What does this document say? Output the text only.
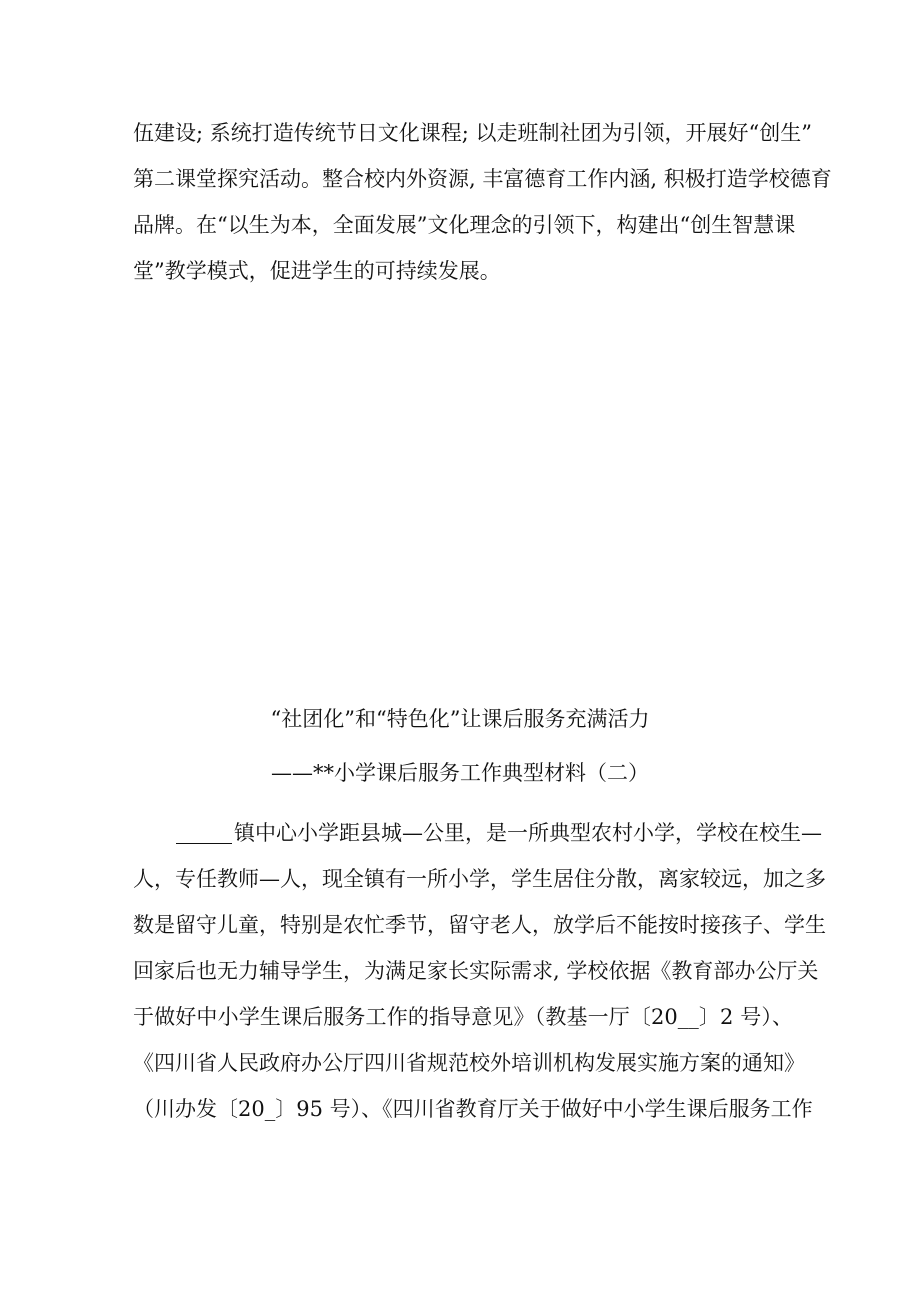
伍建设; 系统打造传统节日文化课程; 以走班制社团为引领，开展好“创生”
第二课堂探究活动。整合校内外资源, 丰富德育工作内涵, 积极打造学校德育
品牌。在“以生为本，全面发展”文化理念的引领下，构建出“创生智慧课
堂”教学模式，促进学生的可持续发展。
“社团化”和“特色化”让课后服务充满活力
——**小学课后服务工作典型材料（二）
镇中心小学距县城—公里，是一所典型农村小学，学校在校生—
人，专任教师—人，现全镇有一所小学，学生居住分散，离家较远，加之多
数是留守儿童，特别是农忙季节，留守老人，放学后不能按时接孩子、学生
回家后也无力辅导学生，为满足家长实际需求, 学校依据《教育部办公厅关
于做好中小学生课后服务工作的指导意见》（教基一厅〔20__〕2 号）、
《四川省人民政府办公厅四川省规范校外培训机构发展实施方案的通知》
（川办发〔20_〕95 号）、《四川省教育厅关于做好中小学生课后服务工作
